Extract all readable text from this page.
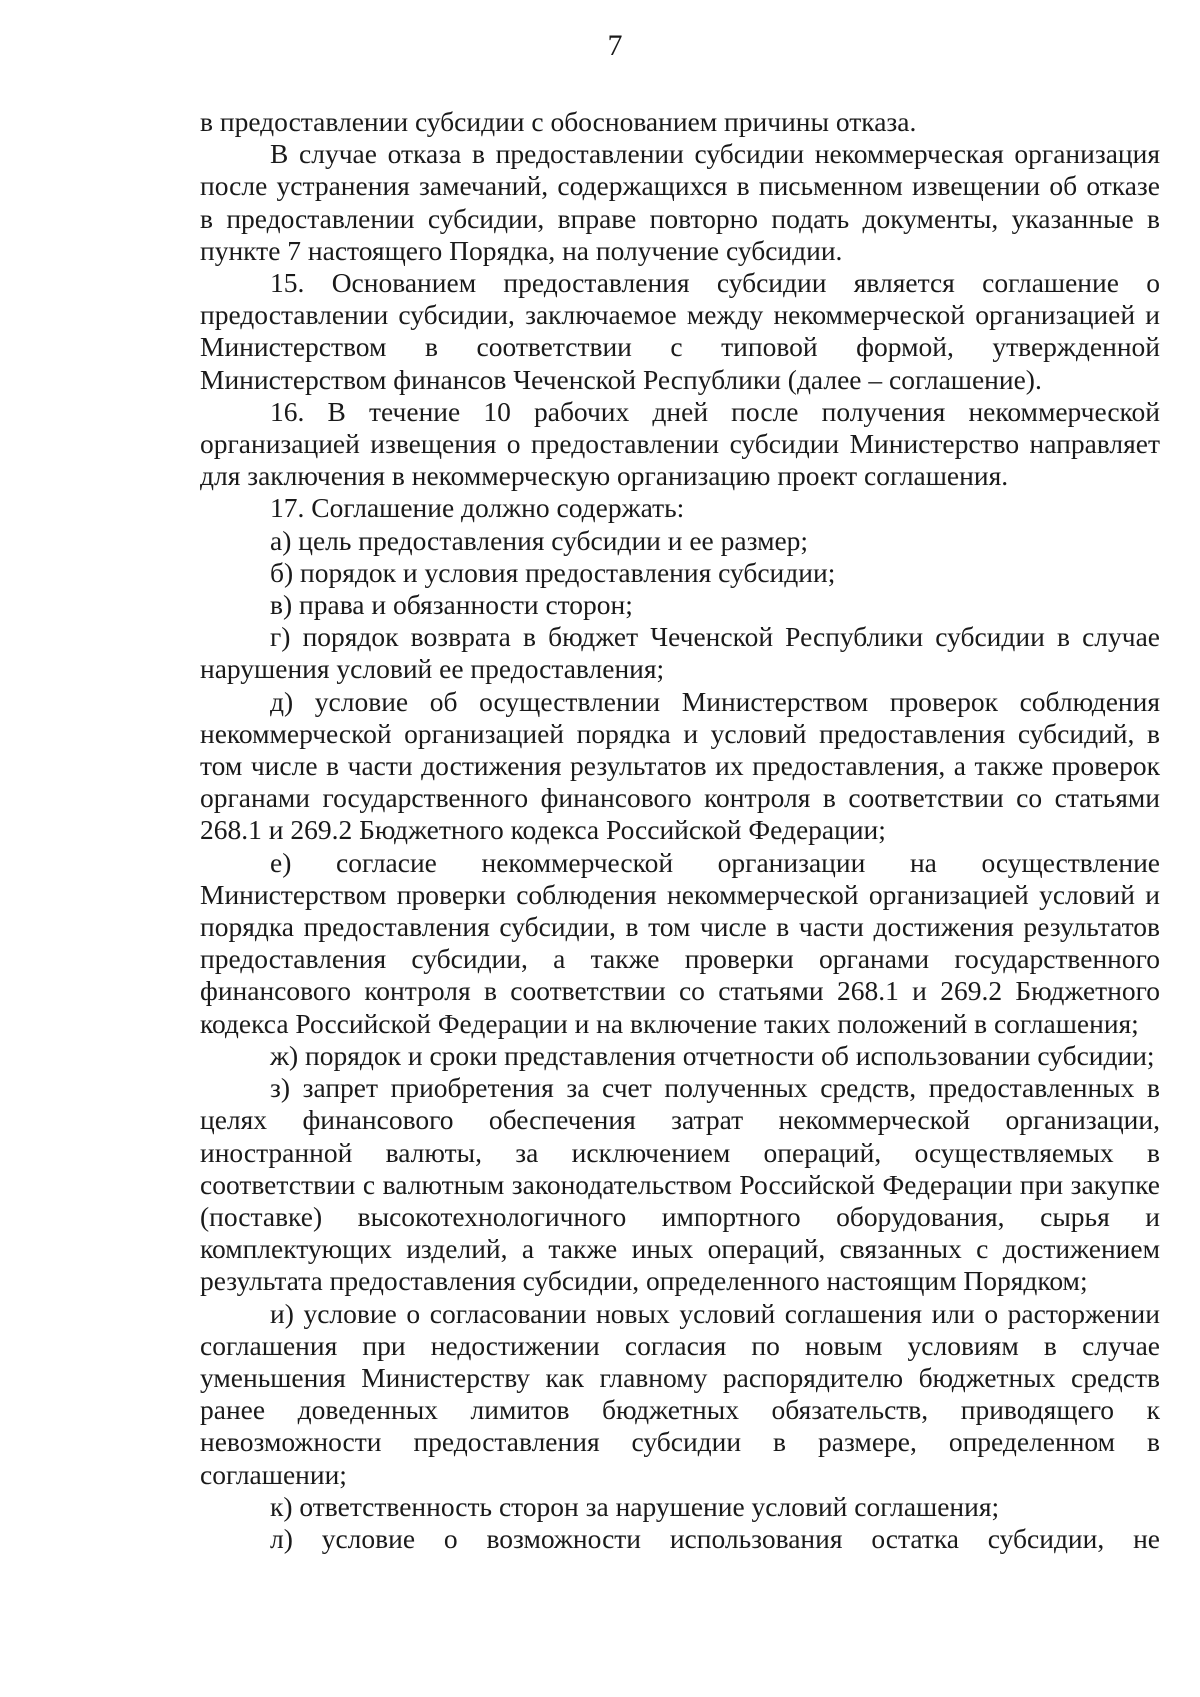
7

в предоставлении субсидии с обоснованием причины отказа.

В случае отказа в предоставлении субсидии некоммерческая организация после устранения замечаний, содержащихся в письменном извещении об отказе в предоставлении субсидии, вправе повторно подать документы, указанные в пункте 7 настоящего Порядка, на получение субсидии.

15. Основанием предоставления субсидии является соглашение о предоставлении субсидии, заключаемое между некоммерческой организацией и Министерством в соответствии с типовой формой, утвержденной Министерством финансов Чеченской Республики (далее – соглашение).

16. В течение 10 рабочих дней после получения некоммерческой организацией извещения о предоставлении субсидии Министерство направляет для заключения в некоммерческую организацию проект соглашения.

17. Соглашение должно содержать:

а) цель предоставления субсидии и ее размер;

б) порядок и условия предоставления субсидии;

в) права и обязанности сторон;

г) порядок возврата в бюджет Чеченской Республики субсидии в случае нарушения условий ее предоставления;

д) условие об осуществлении Министерством проверок соблюдения некоммерческой организацией порядка и условий предоставления субсидий, в том числе в части достижения результатов их предоставления, а также проверок органами государственного финансового контроля в соответствии со статьями 268.1 и 269.2 Бюджетного кодекса Российской Федерации;

е) согласие некоммерческой организации на осуществление Министерством проверки соблюдения некоммерческой организацией условий и порядка предоставления субсидии, в том числе в части достижения результатов предоставления субсидии, а также проверки органами государственного финансового контроля в соответствии со статьями 268.1 и 269.2 Бюджетного кодекса Российской Федерации и на включение таких положений в соглашения;

ж) порядок и сроки представления отчетности об использовании субсидии;

з) запрет приобретения за счет полученных средств, предоставленных в целях финансового обеспечения затрат некоммерческой организации, иностранной валюты, за исключением операций, осуществляемых в соответствии с валютным законодательством Российской Федерации при закупке (поставке) высокотехнологичного импортного оборудования, сырья и комплектующих изделий, а также иных операций, связанных с достижением результата предоставления субсидии, определенного настоящим Порядком;

и) условие о согласовании новых условий соглашения или о расторжении соглашения при недостижении согласия по новым условиям в случае уменьшения Министерству как главному распорядителю бюджетных средств ранее доведенных лимитов бюджетных обязательств, приводящего к невозможности предоставления субсидии в размере, определенном в соглашении;

к) ответственность сторон за нарушение условий соглашения;

л) условие о возможности использования остатка субсидии, не
